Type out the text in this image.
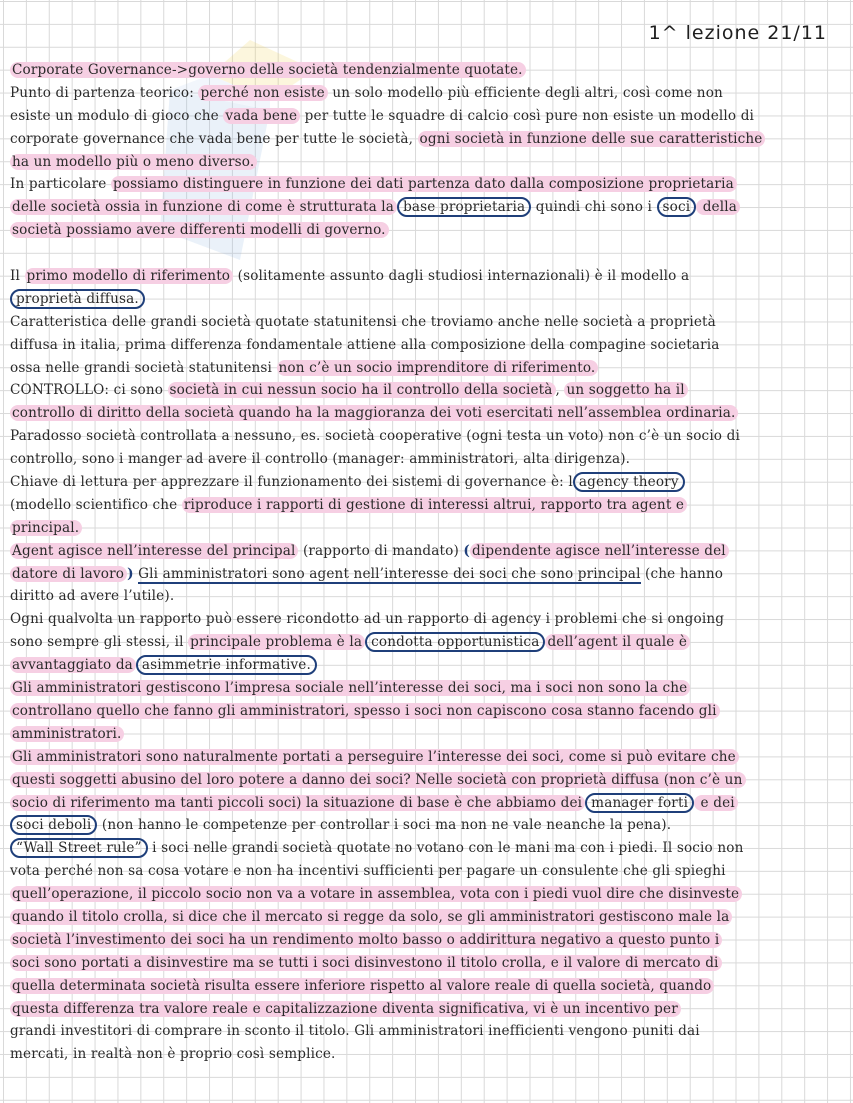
1^ lezione 21/11
Corporate Governance->governo delle società tendenzialmente quotate.
Punto di partenza teorico: perché non esiste un solo modello più efficiente degli altri, così come non
esiste un modulo di gioco che vada bene per tutte le squadre di calcio così pure non esiste un modello di
corporate governance che vada bene per tutte le società, ogni società in funzione delle sue caratteristiche
ha un modello più o meno diverso.
In particolare possiamo distinguere in funzione dei dati partenza dato dalla composizione proprietaria
delle società ossia in funzione di come è strutturata la base proprietaria quindi chi sono i soci della
società possiamo avere differenti modelli di governo.
Il primo modello di riferimento (solitamente assunto dagli studiosi internazionali) è il modello a
proprietà diffusa.
Caratteristica delle grandi società quotate statunitensi che troviamo anche nelle società a proprietà
diffusa in italia, prima differenza fondamentale attiene alla composizione della compagine societaria
ossa nelle grandi società statunitensi non c’è un socio imprenditore di riferimento.
CONTROLLO: ci sono società in cui nessun socio ha il controllo della società , un soggetto ha il
controllo di diritto della società quando ha la maggioranza dei voti esercitati nell’assemblea ordinaria.
Paradosso società controllata a nessuno, es. società cooperative (ogni testa un voto) non c’è un socio di
controllo, sono i manger ad avere il controllo (manager: amministratori, alta dirigenza).
Chiave di lettura per apprezzare il funzionamento dei sistemi di governance è: l agency theory
(modello scientifico che riproduce i rapporti di gestione di interessi altrui, rapporto tra agent e
principal.
Agent agisce nell’interesse del principal (rapporto di mandato) ( dipendente agisce nell’interesse del
datore di lavoro ) Gli amministratori sono agent nell’interesse dei soci che sono principal (che hanno
diritto ad avere l’utile).
Ogni qualvolta un rapporto può essere ricondotto ad un rapporto di agency i problemi che si ongoing
sono sempre gli stessi, il principale problema è la condotta opportunistica dell’agent il quale è
avvantaggiato da asimmetrie informative.
Gli amministratori gestiscono l’impresa sociale nell’interesse dei soci, ma i soci non sono la che
controllano quello che fanno gli amministratori, spesso i soci non capiscono cosa stanno facendo gli
amministratori.
Gli amministratori sono naturalmente portati a perseguire l’interesse dei soci, come si può evitare che
questi soggetti abusino del loro potere a danno dei soci? Nelle società con proprietà diffusa (non c’è un
socio di riferimento ma tanti piccoli soci) la situazione di base è che abbiamo dei manager forti e dei
soci deboli (non hanno le competenze per controllar i soci ma non ne vale neanche la pena).
“Wall Street rule” i soci nelle grandi società quotate no votano con le mani ma con i piedi. Il socio non
vota perché non sa cosa votare e non ha incentivi sufficienti per pagare un consulente che gli spieghi
quell’operazione, il piccolo socio non va a votare in assemblea, vota con i piedi vuol dire che disinveste
quando il titolo crolla, si dice che il mercato si regge da solo, se gli amministratori gestiscono male la
società l’investimento dei soci ha un rendimento molto basso o addirittura negativo a questo punto i
soci sono portati a disinvestire ma se tutti i soci disinvestono il titolo crolla, e il valore di mercato di
quella determinata società risulta essere inferiore rispetto al valore reale di quella società, quando
questa differenza tra valore reale e capitalizzazione diventa significativa, vi è un incentivo per
grandi investitori di comprare in sconto il titolo. Gli amministratori inefficienti vengono puniti dai
mercati, in realtà non è proprio così semplice.
